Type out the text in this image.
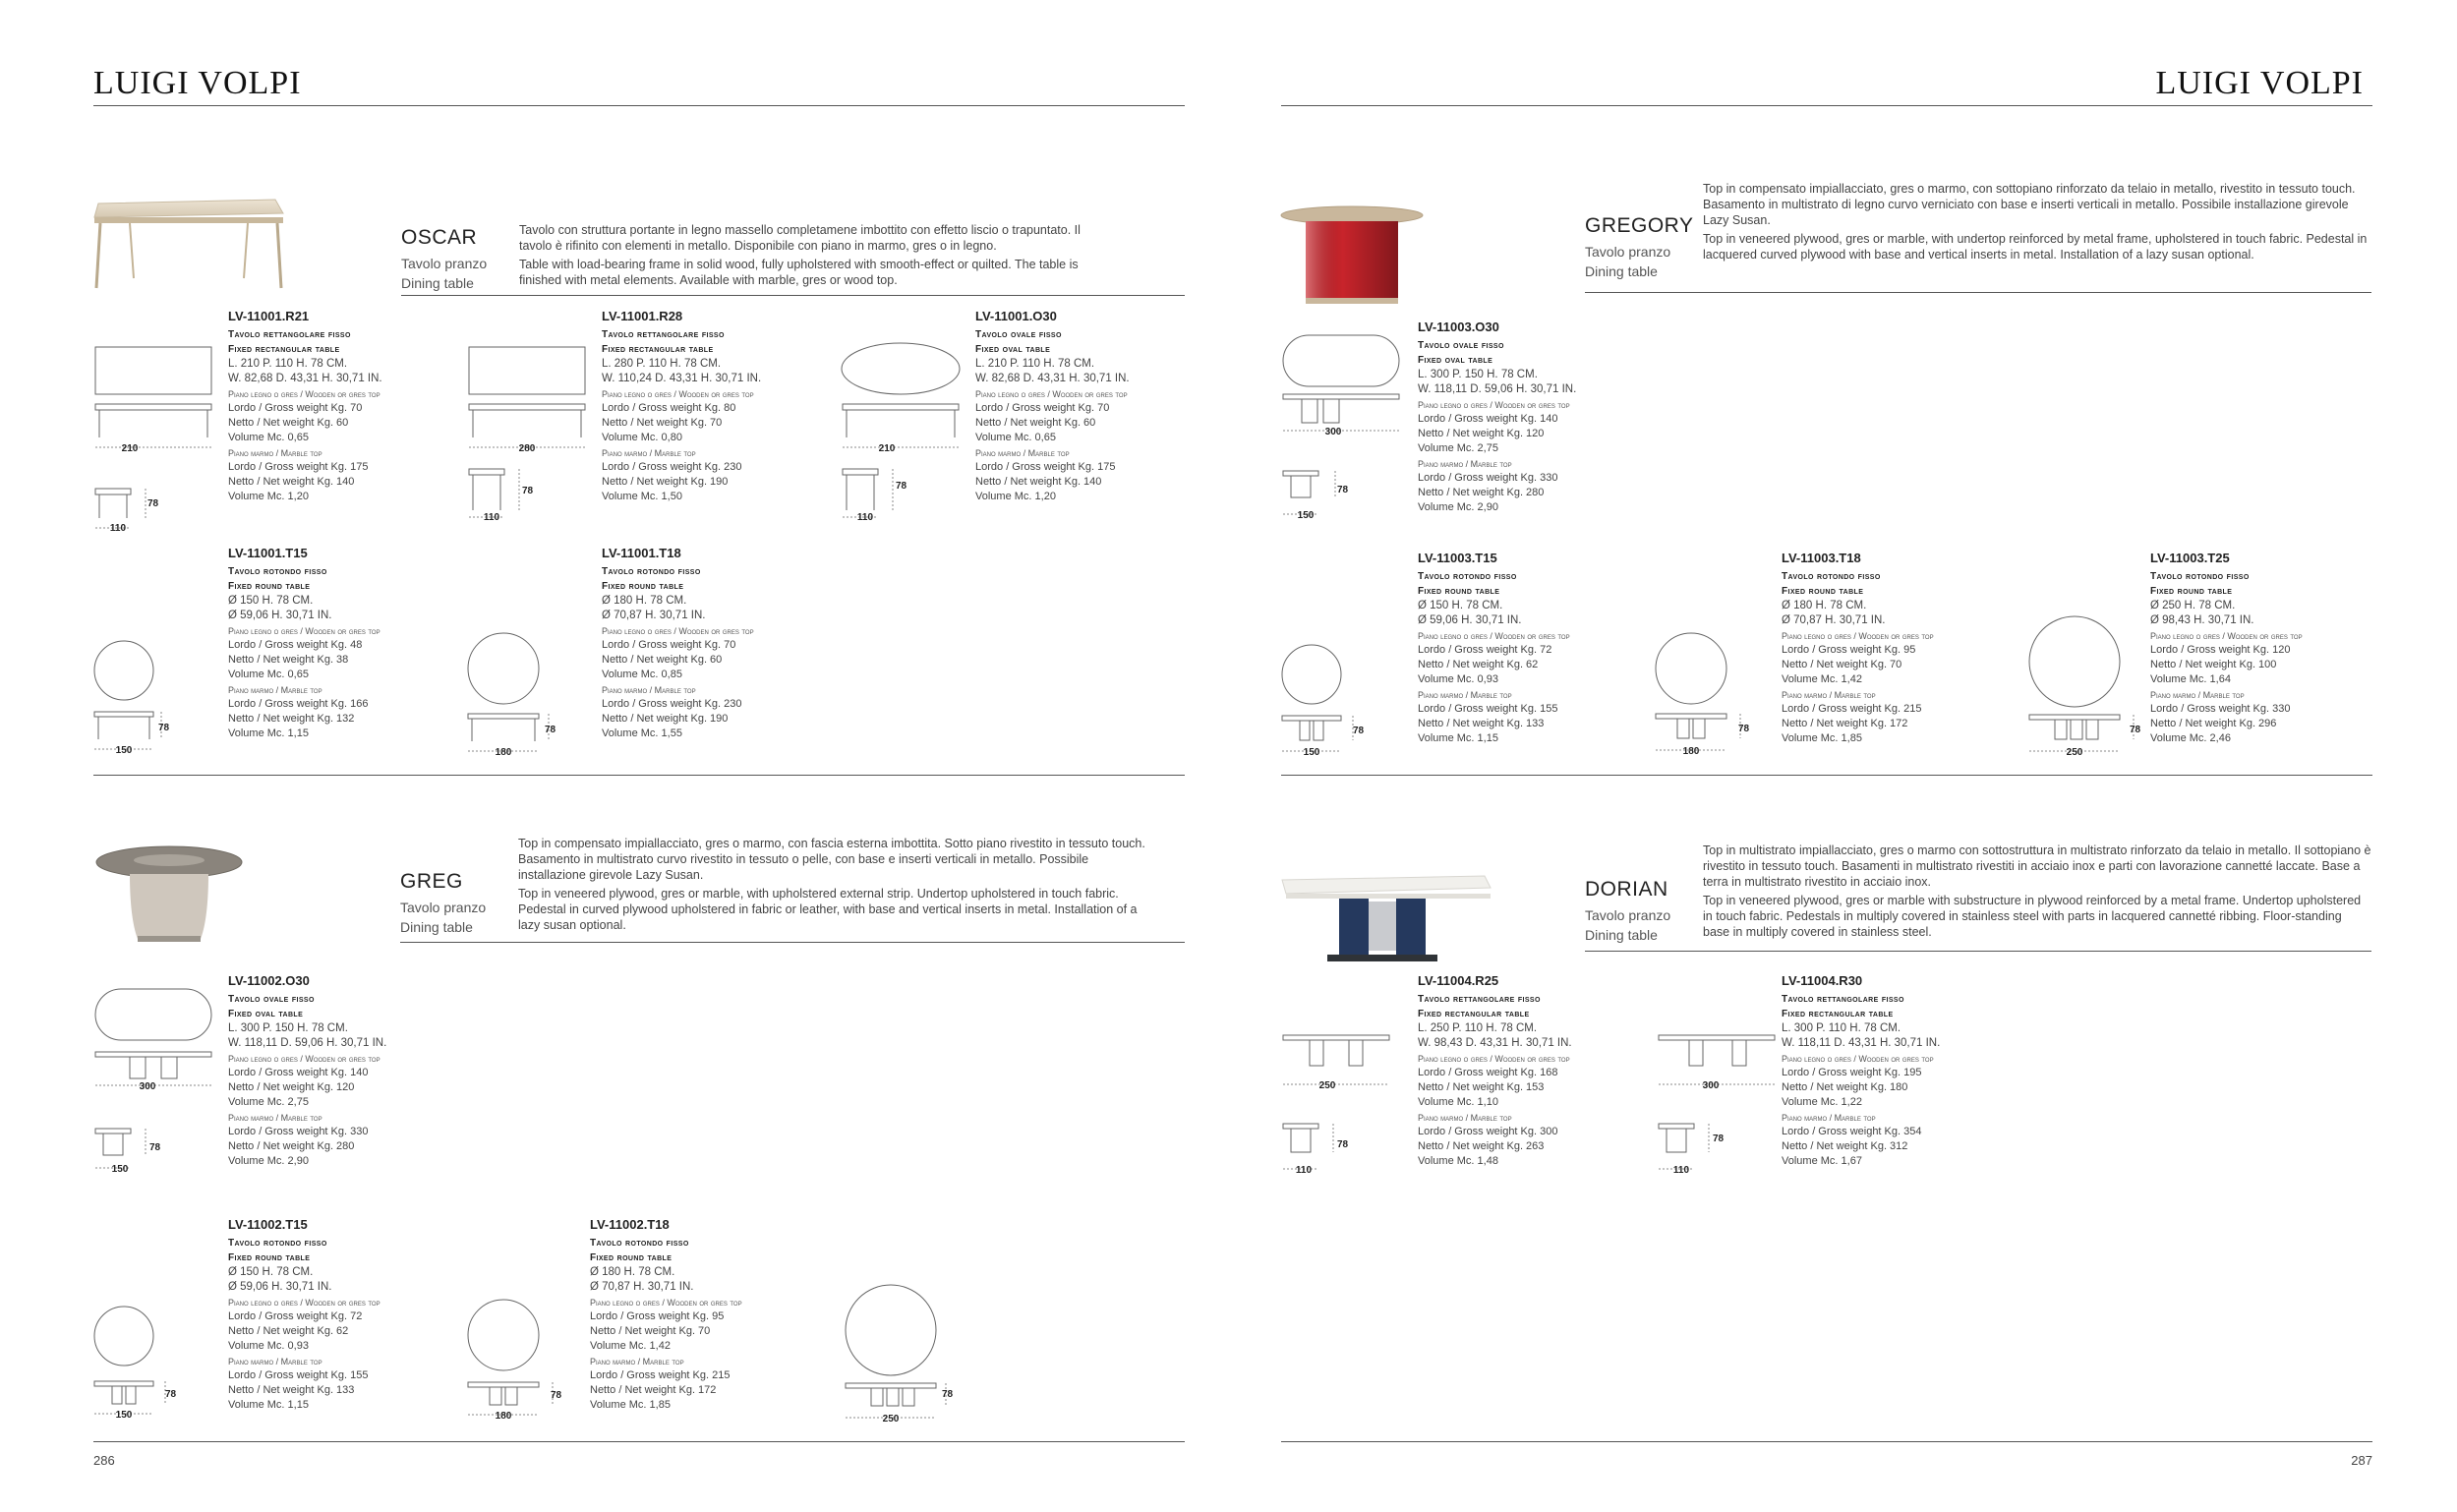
LUIGI VOLPI	LUIGI VOLPI
OSCAR
Tavolo pranzo
Dining table

Tavolo con struttura portante in legno massello completamene imbottito con effetto liscio o trapuntato. Il tavolo è rifinito con elementi in metallo. Disponibile con piano in marmo, gres o in legno.

Table with load-bearing frame in solid wood, fully upholstered with smooth-effect or quilted. The table is finished with metal elements. Available with marble, gres or wood top.

210
110
78
LV-11001.R21
Tavolo rettangolare fisso
Fixed rectangular table
L. 210 P. 110 H. 78 CM.
W. 82,68 D. 43,31 H. 30,71 IN.
Piano legno o gres / Wooden or gres top
Lordo / Gross weight Kg. 70
Netto / Net weight Kg. 60
Volume Mc. 0,65
Piano marmo / Marble top
Lordo / Gross weight Kg. 175
Netto / Net weight Kg. 140
Volume Mc. 1,20
280
110
78
LV-11001.R28
Tavolo rettangolare fisso
Fixed rectangular table
L. 280 P. 110 H. 78 CM.
W. 110,24 D. 43,31 H. 30,71 IN.
Piano legno o gres / Wooden or gres top
Lordo / Gross weight Kg. 80
Netto / Net weight Kg. 70
Volume Mc. 0,80
Piano marmo / Marble top
Lordo / Gross weight Kg. 230
Netto / Net weight Kg. 190
Volume Mc. 1,50
210
110
78
LV-11001.O30
Tavolo ovale fisso
Fixed oval table
L. 210 P. 110 H. 78 CM.
W. 82,68 D. 43,31 H. 30,71 IN.
Piano legno o gres / Wooden or gres top
Lordo / Gross weight Kg. 70
Netto / Net weight Kg. 60
Volume Mc. 0,65
Piano marmo / Marble top
Lordo / Gross weight Kg. 175
Netto / Net weight Kg. 140
Volume Mc. 1,20
150
78
LV-11001.T15
Tavolo rotondo fisso
Fixed round table
Ø 150 H. 78 CM.
Ø 59,06 H. 30,71 IN.
Piano legno o gres / Wooden or gres top
Lordo / Gross weight Kg. 48
Netto / Net weight Kg. 38
Volume Mc. 0,65
Piano marmo / Marble top
Lordo / Gross weight Kg. 166
Netto / Net weight Kg. 132
Volume Mc. 1,15
180
78
LV-11001.T18
Tavolo rotondo fisso
Fixed round table
Ø 180 H. 78 CM.
Ø 70,87 H. 30,71 IN.
Piano legno o gres / Wooden or gres top
Lordo / Gross weight Kg. 70
Netto / Net weight Kg. 60
Volume Mc. 0,85
Piano marmo / Marble top
Lordo / Gross weight Kg. 230
Netto / Net weight Kg. 190
Volume Mc. 1,55
GREG
Tavolo pranzo
Dining table

Top in compensato impiallacciato, gres o marmo, con fascia esterna imbottita. Sotto piano rivestito in tessuto touch. Basamento in multistrato curvo rivestito in tessuto o pelle, con base e inserti verticali in metallo. Possibile installazione girevole Lazy Susan.

Top in veneered plywood, gres or marble, with upholstered external strip. Undertop upholstered in touch fabric. Pedestal in curved plywood upholstered in fabric or leather, with base and vertical inserts in metal. Installation of a lazy susan optional.

300
150
78
LV-11002.O30
Tavolo ovale fisso
Fixed oval table
L. 300 P. 150 H. 78 CM.
W. 118,11 D. 59,06 H. 30,71 IN.
Piano legno o gres / Wooden or gres top
Lordo / Gross weight Kg. 140
Netto / Net weight Kg. 120
Volume Mc. 2,75
Piano marmo / Marble top
Lordo / Gross weight Kg. 330
Netto / Net weight Kg. 280
Volume Mc. 2,90
150
78
LV-11002.T15
Tavolo rotondo fisso
Fixed round table
Ø 150 H. 78 CM.
Ø 59,06 H. 30,71 IN.
Piano legno o gres / Wooden or gres top
Lordo / Gross weight Kg. 72
Netto / Net weight Kg. 62
Volume Mc. 0,93
Piano marmo / Marble top
Lordo / Gross weight Kg. 155
Netto / Net weight Kg. 133
Volume Mc. 1,15
180
78
LV-11002.T18
Tavolo rotondo fisso
Fixed round table
Ø 180 H. 78 CM.
Ø 70,87 H. 30,71 IN.
Piano legno o gres / Wooden or gres top
Lordo / Gross weight Kg. 95
Netto / Net weight Kg. 70
Volume Mc. 1,42
Piano marmo / Marble top
Lordo / Gross weight Kg. 215
Netto / Net weight Kg. 172
Volume Mc. 1,85
250
78
286
GREGORY
Tavolo pranzo
Dining table

Top in compensato impiallacciato, gres o marmo, con sottopiano rinforzato da telaio in metallo, rivestito in tessuto touch. Basamento in multistrato di legno curvo verniciato con base e inserti verticali in metallo. Possibile installazione girevole Lazy Susan.

Top in veneered plywood, gres or marble, with undertop reinforced by metal frame, upholstered in touch fabric. Pedestal in lacquered curved plywood with base and vertical inserts in metal. Installation of a lazy susan optional.

300
150
78
LV-11003.O30
Tavolo ovale fisso
Fixed oval table
L. 300 P. 150 H. 78 CM.
W. 118,11 D. 59,06 H. 30,71 IN.
Piano legno o gres / Wooden or gres top
Lordo / Gross weight Kg. 140
Netto / Net weight Kg. 120
Volume Mc. 2,75
Piano marmo / Marble top
Lordo / Gross weight Kg. 330
Netto / Net weight Kg. 280
Volume Mc. 2,90
150
78
LV-11003.T15
Tavolo rotondo fisso
Fixed round table
Ø 150 H. 78 CM.
Ø 59,06 H. 30,71 IN.
Piano legno o gres / Wooden or gres top
Lordo / Gross weight Kg. 72
Netto / Net weight Kg. 62
Volume Mc. 0,93
Piano marmo / Marble top
Lordo / Gross weight Kg. 155
Netto / Net weight Kg. 133
Volume Mc. 1,15
180
78
LV-11003.T18
Tavolo rotondo fisso
Fixed round table
Ø 180 H. 78 CM.
Ø 70,87 H. 30,71 IN.
Piano legno o gres / Wooden or gres top
Lordo / Gross weight Kg. 95
Netto / Net weight Kg. 70
Volume Mc. 1,42
Piano marmo / Marble top
Lordo / Gross weight Kg. 215
Netto / Net weight Kg. 172
Volume Mc. 1,85
250
78
LV-11003.T25
Tavolo rotondo fisso
Fixed round table
Ø 250 H. 78 CM.
Ø 98,43 H. 30,71 IN.
Piano legno o gres / Wooden or gres top
Lordo / Gross weight Kg. 120
Netto / Net weight Kg. 100
Volume Mc. 1,64
Piano marmo / Marble top
Lordo / Gross weight Kg. 330
Netto / Net weight Kg. 296
Volume Mc. 2,46
DORIAN
Tavolo pranzo
Dining table

Top in multistrato impiallacciato, gres o marmo con sottostruttura in multistrato rinforzato da telaio in metallo. Il sottopiano è rivestito in tessuto touch. Basamenti in multistrato rivestiti in acciaio inox e parti con lavorazione cannetté laccate. Base a terra in multistrato rivestito in acciaio inox.

Top in veneered plywood, gres or marble with substructure in plywood reinforced by a metal frame. Undertop upholstered in touch fabric. Pedestals in multiply covered in stainless steel with parts in lacquered cannetté ribbing. Floor-standing base in multiply covered in stainless steel.

250
110
78
LV-11004.R25
Tavolo rettangolare fisso
Fixed rectangular table
L. 250 P. 110 H. 78 CM.
W. 98,43 D. 43,31 H. 30,71 IN.
Piano legno o gres / Wooden or gres top
Lordo / Gross weight Kg. 168
Netto / Net weight Kg. 153
Volume Mc. 1,10
Piano marmo / Marble top
Lordo / Gross weight Kg. 300
Netto / Net weight Kg. 263
Volume Mc. 1,48
300
110
78
LV-11004.R30
Tavolo rettangolare fisso
Fixed rectangular table
L. 300 P. 110 H. 78 CM.
W. 118,11 D. 43,31 H. 30,71 IN.
Piano legno o gres / Wooden or gres top
Lordo / Gross weight Kg. 195
Netto / Net weight Kg. 180
Volume Mc. 1,22
Piano marmo / Marble top
Lordo / Gross weight Kg. 354
Netto / Net weight Kg. 312
Volume Mc. 1,67
287
